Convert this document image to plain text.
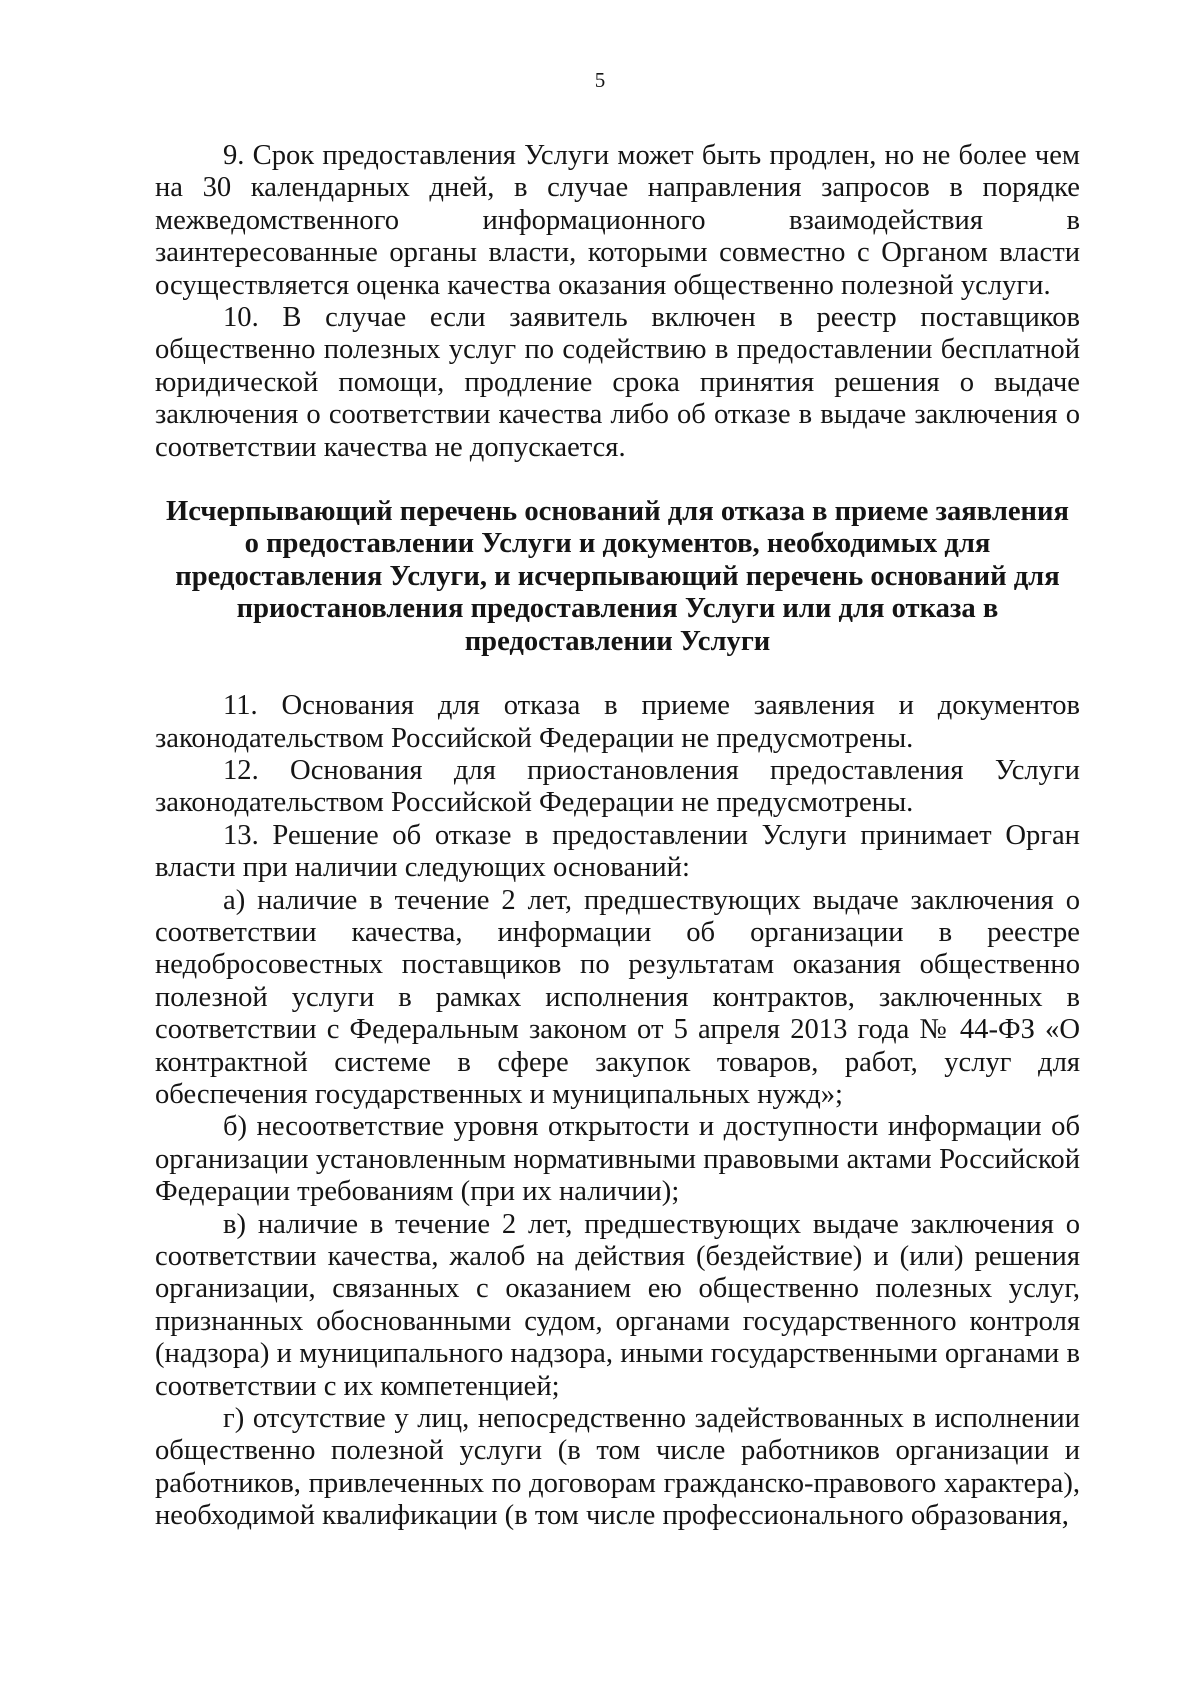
5

9. Срок предоставления Услуги может быть продлен, но не более чем на 30 календарных дней, в случае направления запросов в порядке межведомственного информационного взаимодействия в заинтересованные органы власти, которыми совместно с Органом власти осуществляется оценка качества оказания общественно полезной услуги.

10. В случае если заявитель включен в реестр поставщиков общественно полезных услуг по содействию в предоставлении бесплатной юридической помощи, продление срока принятия решения о выдаче заключения о соответствии качества либо об отказе в выдаче заключения о соответствии качества не допускается.

Исчерпывающий перечень оснований для отказа в приеме заявления
о предоставлении Услуги и документов, необходимых для
предоставления Услуги, и исчерпывающий перечень оснований для
приостановления предоставления Услуги или для отказа в
предоставлении Услуги

11. Основания для отказа в приеме заявления и документов законодательством Российской Федерации не предусмотрены.

12. Основания для приостановления предоставления Услуги законодательством Российской Федерации не предусмотрены.

13. Решение об отказе в предоставлении Услуги принимает Орган власти при наличии следующих оснований:

а) наличие в течение 2 лет, предшествующих выдаче заключения о соответствии качества, информации об организации в реестре недобросовестных поставщиков по результатам оказания общественно полезной услуги в рамках исполнения контрактов, заключенных в соответствии с Федеральным законом от 5 апреля 2013 года № 44-ФЗ «О контрактной системе в сфере закупок товаров, работ, услуг для обеспечения государственных и муниципальных нужд»;

б) несоответствие уровня открытости и доступности информации об организации установленным нормативными правовыми актами Российской Федерации требованиям (при их наличии);

в) наличие в течение 2 лет, предшествующих выдаче заключения о соответствии качества, жалоб на действия (бездействие) и (или) решения организации, связанных с оказанием ею общественно полезных услуг, признанных обоснованными судом, органами государственного контроля (надзора) и муниципального надзора, иными государственными органами в соответствии с их компетенцией;

г) отсутствие у лиц, непосредственно задействованных в исполнении общественно полезной услуги (в том числе работников организации и работников, привлеченных по договорам гражданско-правового характера), необходимой квалификации (в том числе профессионального образования,
